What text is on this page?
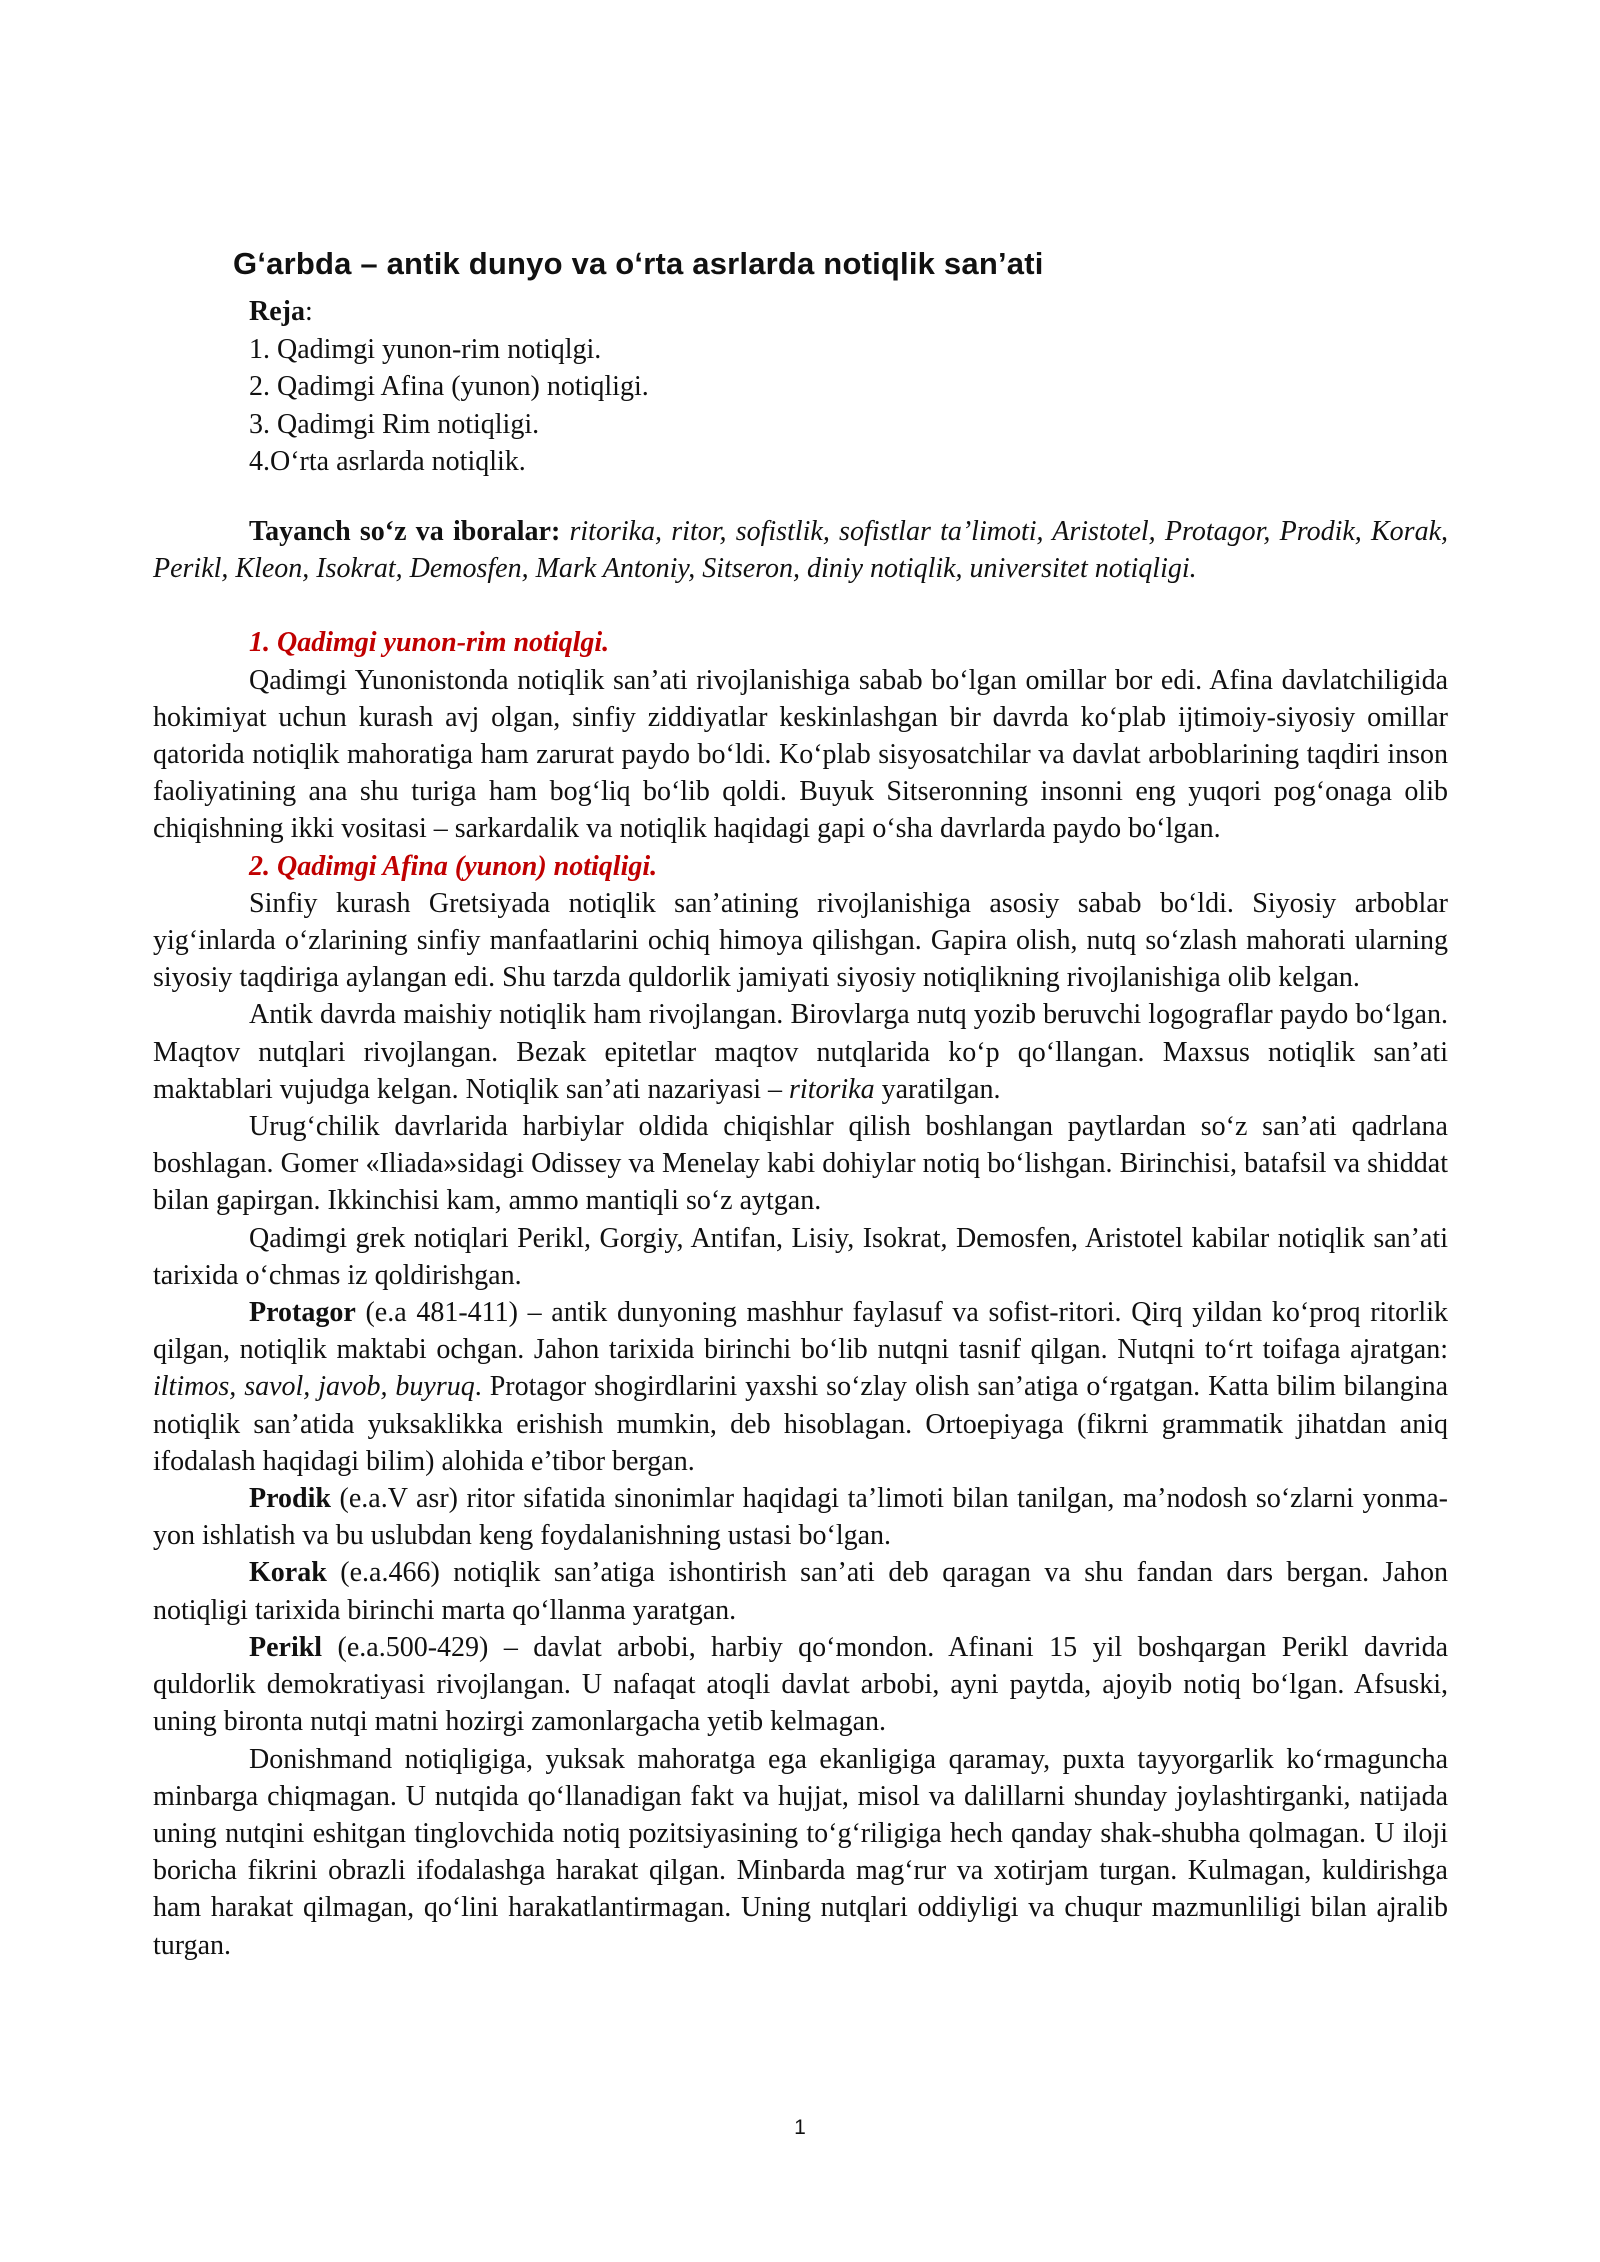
Gʻarbda – antik dunyo va oʻrta asrlarda notiqlik san’ati
Reja:
1. Qadimgi yunon-rim notiqlgi.
2. Qadimgi Afina (yunon) notiqligi.
3. Qadimgi Rim notiqligi.
4.Oʻrta asrlarda notiqlik.

Tayanch soʻz va iboralar: ritorika, ritor, sofistlik, sofistlar ta’limoti, Aristotel, Protagor, Prodik, Korak, Perikl, Kleon, Isokrat, Demosfen, Mark Antoniy, Sitseron, diniy notiqlik, universitet notiqligi.

1. Qadimgi yunon-rim notiqlgi.

Qadimgi Yunonistonda notiqlik san’ati rivojlanishiga sabab boʻlgan omillar bor edi. Afina davlatchiligida hokimiyat uchun kurash avj olgan, sinfiy ziddiyatlar keskinlashgan bir davrda koʻplab ijtimoiy-siyosiy omillar qatorida notiqlik mahoratiga ham zarurat paydo boʻldi. Koʻplab sisyosatchilar va davlat arboblarining taqdiri inson faoliyatining ana shu turiga ham bogʻliq boʻlib qoldi. Buyuk Sitseronning insonni eng yuqori pogʻonaga olib chiqishning ikki vositasi – sarkardalik va notiqlik haqidagi gapi oʻsha davrlarda paydo boʻlgan.

2. Qadimgi Afina (yunon) notiqligi.

Sinfiy kurash Gretsiyada notiqlik san’atining rivojlanishiga asosiy sabab boʻldi. Siyosiy arboblar yigʻinlarda oʻzlarining sinfiy manfaatlarini ochiq himoya qilishgan. Gapira olish, nutq soʻzlash mahorati ularning siyosiy taqdiriga aylangan edi. Shu tarzda quldorlik jamiyati siyosiy notiqlikning rivojlanishiga olib kelgan.

Antik davrda maishiy notiqlik ham rivojlangan. Birovlarga nutq yozib beruvchi logograflar paydo boʻlgan. Maqtov nutqlari rivojlangan. Bezak epitetlar maqtov nutqlarida koʻp qoʻllangan. Maxsus notiqlik san’ati maktablari vujudga kelgan. Notiqlik san’ati nazariyasi – ritorika yaratilgan.

Urugʻchilik davrlarida harbiylar oldida chiqishlar qilish boshlangan paytlardan soʻz san’ati qadrlana boshlagan. Gomer «Iliada»sidagi Odissey va Menelay kabi dohiylar notiq boʻlishgan. Birinchisi, batafsil va shiddat bilan gapirgan. Ikkinchisi kam, ammo mantiqli soʻz aytgan.

Qadimgi grek notiqlari Perikl, Gorgiy, Antifan, Lisiy, Isokrat, Demosfen, Aristotel kabilar notiqlik san’ati tarixida oʻchmas iz qoldirishgan.

Protagor (e.a 481-411) – antik dunyoning mashhur faylasuf va sofist-ritori. Qirq yildan koʻproq ritorlik qilgan, notiqlik maktabi ochgan. Jahon tarixida birinchi boʻlib nutqni tasnif qilgan. Nutqni toʻrt toifaga ajratgan: iltimos, savol, javob, buyruq. Protagor shogirdlarini yaxshi soʻzlay olish san’atiga oʻrgatgan. Katta bilim bilangina notiqlik san’atida yuksaklikka erishish mumkin, deb hisoblagan. Ortoepiyaga (fikrni grammatik jihatdan aniq ifodalash haqidagi bilim) alohida e’tibor bergan.

Prodik (e.a.V asr) ritor sifatida sinonimlar haqidagi ta’limoti bilan tanilgan, ma’nodosh soʻzlarni yonma-yon ishlatish va bu uslubdan keng foydalanishning ustasi boʻlgan.

Korak (e.a.466) notiqlik san’atiga ishontirish san’ati deb qaragan va shu fandan dars bergan. Jahon notiqligi tarixida birinchi marta qoʻllanma yaratgan.

Perikl (e.a.500-429) – davlat arbobi, harbiy qoʻmondon. Afinani 15 yil boshqargan Perikl davrida quldorlik demokratiyasi rivojlangan. U nafaqat atoqli davlat arbobi, ayni paytda, ajoyib notiq boʻlgan. Afsuski, uning bironta nutqi matni hozirgi zamonlargacha yetib kelmagan.

Donishmand notiqligiga, yuksak mahoratga ega ekanligiga qaramay, puxta tayyorgarlik koʻrmaguncha minbarga chiqmagan. U nutqida qoʻllanadigan fakt va hujjat, misol va dalillarni shunday joylashtirganki, natijada uning nutqini eshitgan tinglovchida notiq pozitsiyasining toʻgʻriligiga hech qanday shak-shubha qolmagan. U iloji boricha fikrini obrazli ifodalashga harakat qilgan. Minbarda magʻrur va xotirjam turgan. Kulmagan, kuldirishga ham harakat qilmagan, qoʻlini harakatlantirmagan. Uning nutqlari oddiyligi va chuqur mazmunliligi bilan ajralib turgan.

1
